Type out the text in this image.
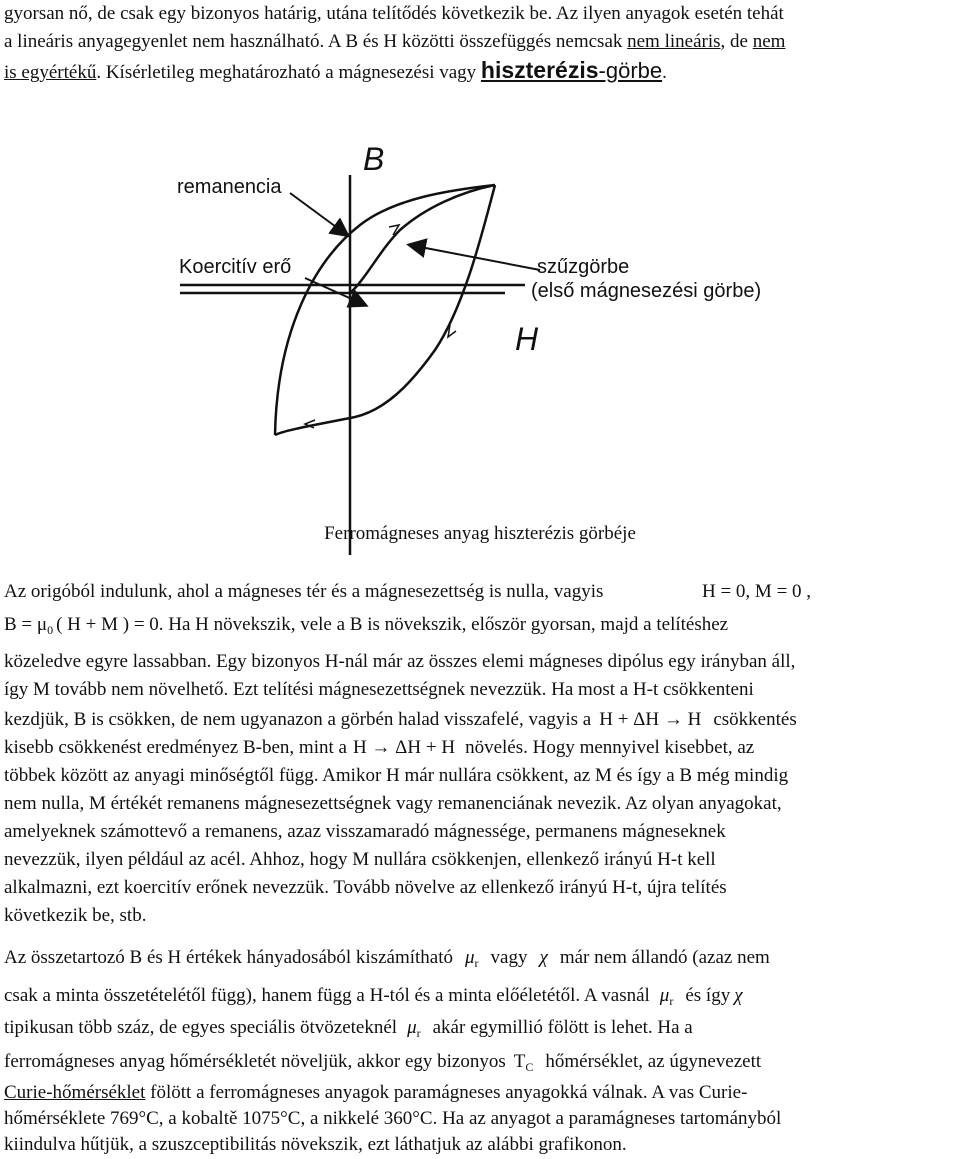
gyorsan nő, de csak egy bizonyos határig, utána telítődés következik be. Az ilyen anyagok esetén tehát
a lineáris anyagegyenlet nem használható. A B és H közötti összefüggés nemcsak nem lineáris, de nem
is egyértékű. Kísérletileg meghatározható a mágnesezési vagy hiszterézis-görbe.
B
H
remanencia
Koercitív erő	szűzgörbe
(első mágnesezési görbe)
Ferromágneses anyag hiszterézis görbéje
Az origóból indulunk, ahol a mágneses tér és a mágnesezettség is nulla, vagyis	H = 0, M = 0 ,
$B = \mu_0$ ( H + M ) = 0. Ha H növekszik, vele a B is növekszik, először gyorsan, majd a telítéshez
közeledve egyre lassabban. Egy bizonyos H-nál már az összes elemi mágneses dipólus egy irányban áll,
így M tovább nem növelhető. Ezt telítési mágnesezettségnek nevezzük. Ha most a H-t csökkenteni
kezdjük, B is csökken, de nem ugyanazon a görbén halad visszafelé, vagyis a H + ΔH → H csökkentés
kisebb csökkenést eredményez B-ben, mint a H → ΔH + H növelés. Hogy mennyivel kisebbet, az
többek között az anyagi minőségtől függ. Amikor H már nullára csökkent, az M és így a B még mindig
nem nulla, M értékét remanens mágnesezettségnek vagy remanenciának nevezik. Az olyan anyagokat,
amelyeknek számottevő a remanens, azaz visszamaradó mágnessége, permanens mágneseknek
nevezzük, ilyen például az acél. Ahhoz, hogy M nullára csökkenjen, ellenkező irányú H-t kell
alkalmazni, ezt koercitív erőnek nevezzük. Tovább növelve az ellenkező irányú H-t, újra telítés
következik be, stb.
Az összetartozó B és H értékek hányadosából kiszámítható $\mu_r$ vagy χ már nem állandó (azaz nem
csak a minta összetételétől függ), hanem függ a H-tól és a minta előéletétől. A vasnál $\mu_r$ és így χ
tipikusan több száz, de egyes speciális ötvözeteknél $\mu_r$ akár egymillió fölött is lehet. Ha a
ferromágneses anyag hőmérsékletét növeljük, akkor egy bizonyos $T_C$ hőmérséklet, az úgynevezett
Curie-hőmérséklet fölött a ferromágneses anyagok paramágneses anyagokká válnak. A vas Curie-
hőmérséklete 769°C, a kobaltě 1075°C, a nikkelé 360°C. Ha az anyagot a paramágneses tartományból
kiindulva hűtjük, a szuszceptibilitás növekszik, ezt láthatjuk az alábbi grafikonon.
